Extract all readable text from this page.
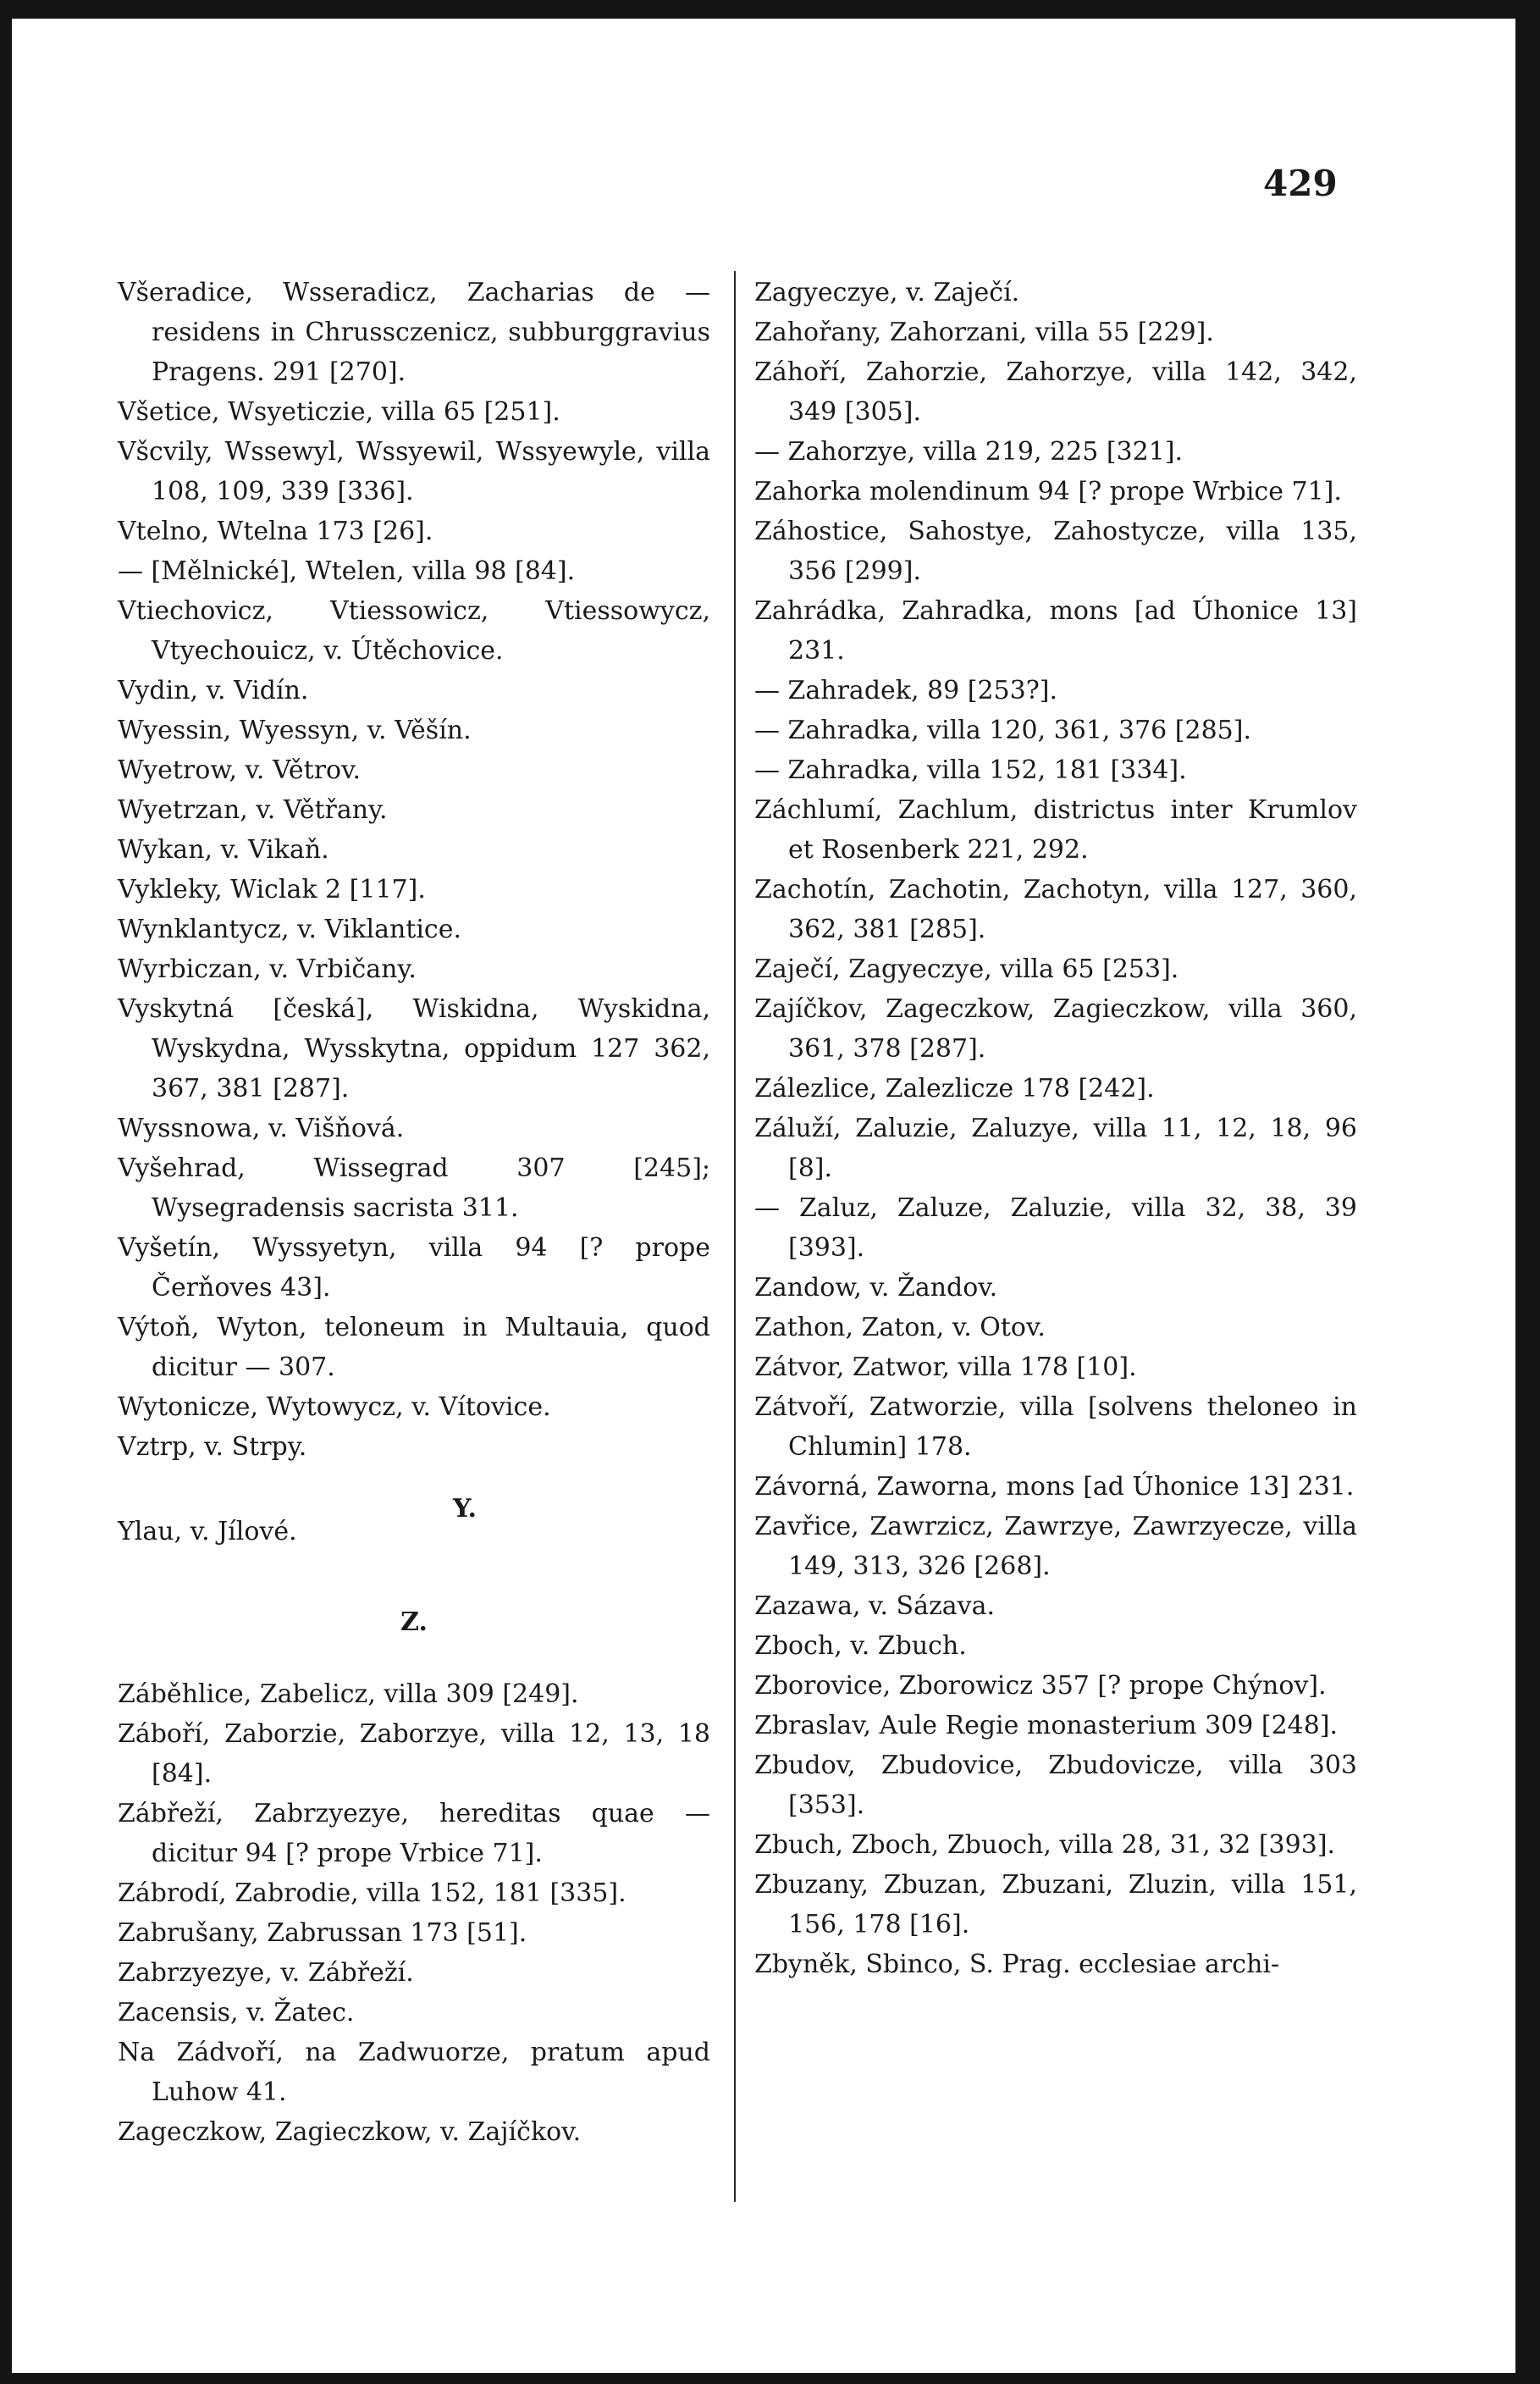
429
Všeradice, Wsseradicz, Zacharias de — residens in Chrussczenicz, subburggravius Pragens. 291 [270].
Všetice, Wsyeticzie, villa 65 [251].
Všcvily, Wssewyl, Wssyewil, Wssyewyle, villa 108, 109, 339 [336].
Vtelno, Wtelna 173 [26].
— [Mělnické], Wtelen, villa 98 [84].
Vtiechovicz, Vtiessowicz, Vtiessowycz, Vtyechouicz, v. Útěchovice.
Vydin, v. Vidín.
Wyessin, Wyessyn, v. Věšín.
Wyetrow, v. Větrov.
Wyetrzan, v. Větřany.
Wykan, v. Vikaň.
Vykleky, Wiclak 2 [117].
Wynklantycz, v. Viklantice.
Wyrbiczan, v. Vrbičany.
Vyskytná [česká], Wiskidna, Wyskidna, Wyskydna, Wysskytna, oppidum 127 362, 367, 381 [287].
Wyssnowa, v. Višňová.
Vyšehrad, Wissegrad 307 [245]; Wysegradensis sacrista 311.
Vyšetín, Wyssyetyn, villa 94 [? prope Čerňoves 43].
Výtoň, Wyton, teloneum in Multauia, quod dicitur — 307.
Wytonicze, Wytowycz, v. Vítovice.
Vztrp, v. Strpy.
Y.
Ylau, v. Jílové.
Z.
Záběhlice, Zabelicz, villa 309 [249].
Záboří, Zaborzie, Zaborzye, villa 12, 13, 18 [84].
Zábřeží, Zabrzyezye, hereditas quae — dicitur 94 [? prope Vrbice 71].
Zábrodí, Zabrodie, villa 152, 181 [335].
Zabrušany, Zabrussan 173 [51].
Zabrzyezye, v. Zábřeží.
Zacensis, v. Žatec.
Na Zádvoří, na Zadwuorze, pratum apud Luhow 41.
Zageczkow, Zagieczkow, v. Zajíčkov.
Zagyeczye, v. Zaječí.
Zahořany, Zahorzani, villa 55 [229].
Záhoří, Zahorzie, Zahorzye, villa 142, 342, 349 [305].
— Zahorzye, villa 219, 225 [321].
Zahorka molendinum 94 [? prope Wrbice 71].
Záhostice, Sahostye, Zahostycze, villa 135, 356 [299].
Zahrádka, Zahradka, mons [ad Úhonice 13] 231.
— Zahradek, 89 [253?].
— Zahradka, villa 120, 361, 376 [285].
— Zahradka, villa 152, 181 [334].
Záchlumí, Zachlum, districtus inter Krumlov et Rosenberk 221, 292.
Zachotín, Zachotin, Zachotyn, villa 127, 360, 362, 381 [285].
Zaječí, Zagyeczye, villa 65 [253].
Zajíčkov, Zageczkow, Zagieczkow, villa 360, 361, 378 [287].
Zálezlice, Zalezlicze 178 [242].
Záluží, Zaluzie, Zaluzye, villa 11, 12, 18, 96 [8].
— Zaluz, Zaluze, Zaluzie, villa 32, 38, 39 [393].
Zandow, v. Žandov.
Zathon, Zaton, v. Otov.
Zátvor, Zatwor, villa 178 [10].
Zátvoří, Zatworzie, villa [solvens theloneo in Chlumin] 178.
Závorná, Zaworna, mons [ad Úhonice 13] 231.
Zavřice, Zawrzicz, Zawrzye, Zawrzyecze, villa 149, 313, 326 [268].
Zazawa, v. Sázava.
Zboch, v. Zbuch.
Zborovice, Zborowicz 357 [? prope Chýnov].
Zbraslav, Aule Regie monasterium 309 [248].
Zbudov, Zbudovice, Zbudovicze, villa 303 [353].
Zbuch, Zboch, Zbuoch, villa 28, 31, 32 [393].
Zbuzany, Zbuzan, Zbuzani, Zluzin, villa 151, 156, 178 [16].
Zbyněk, Sbinco, S. Prag. ecclesiae archi-
